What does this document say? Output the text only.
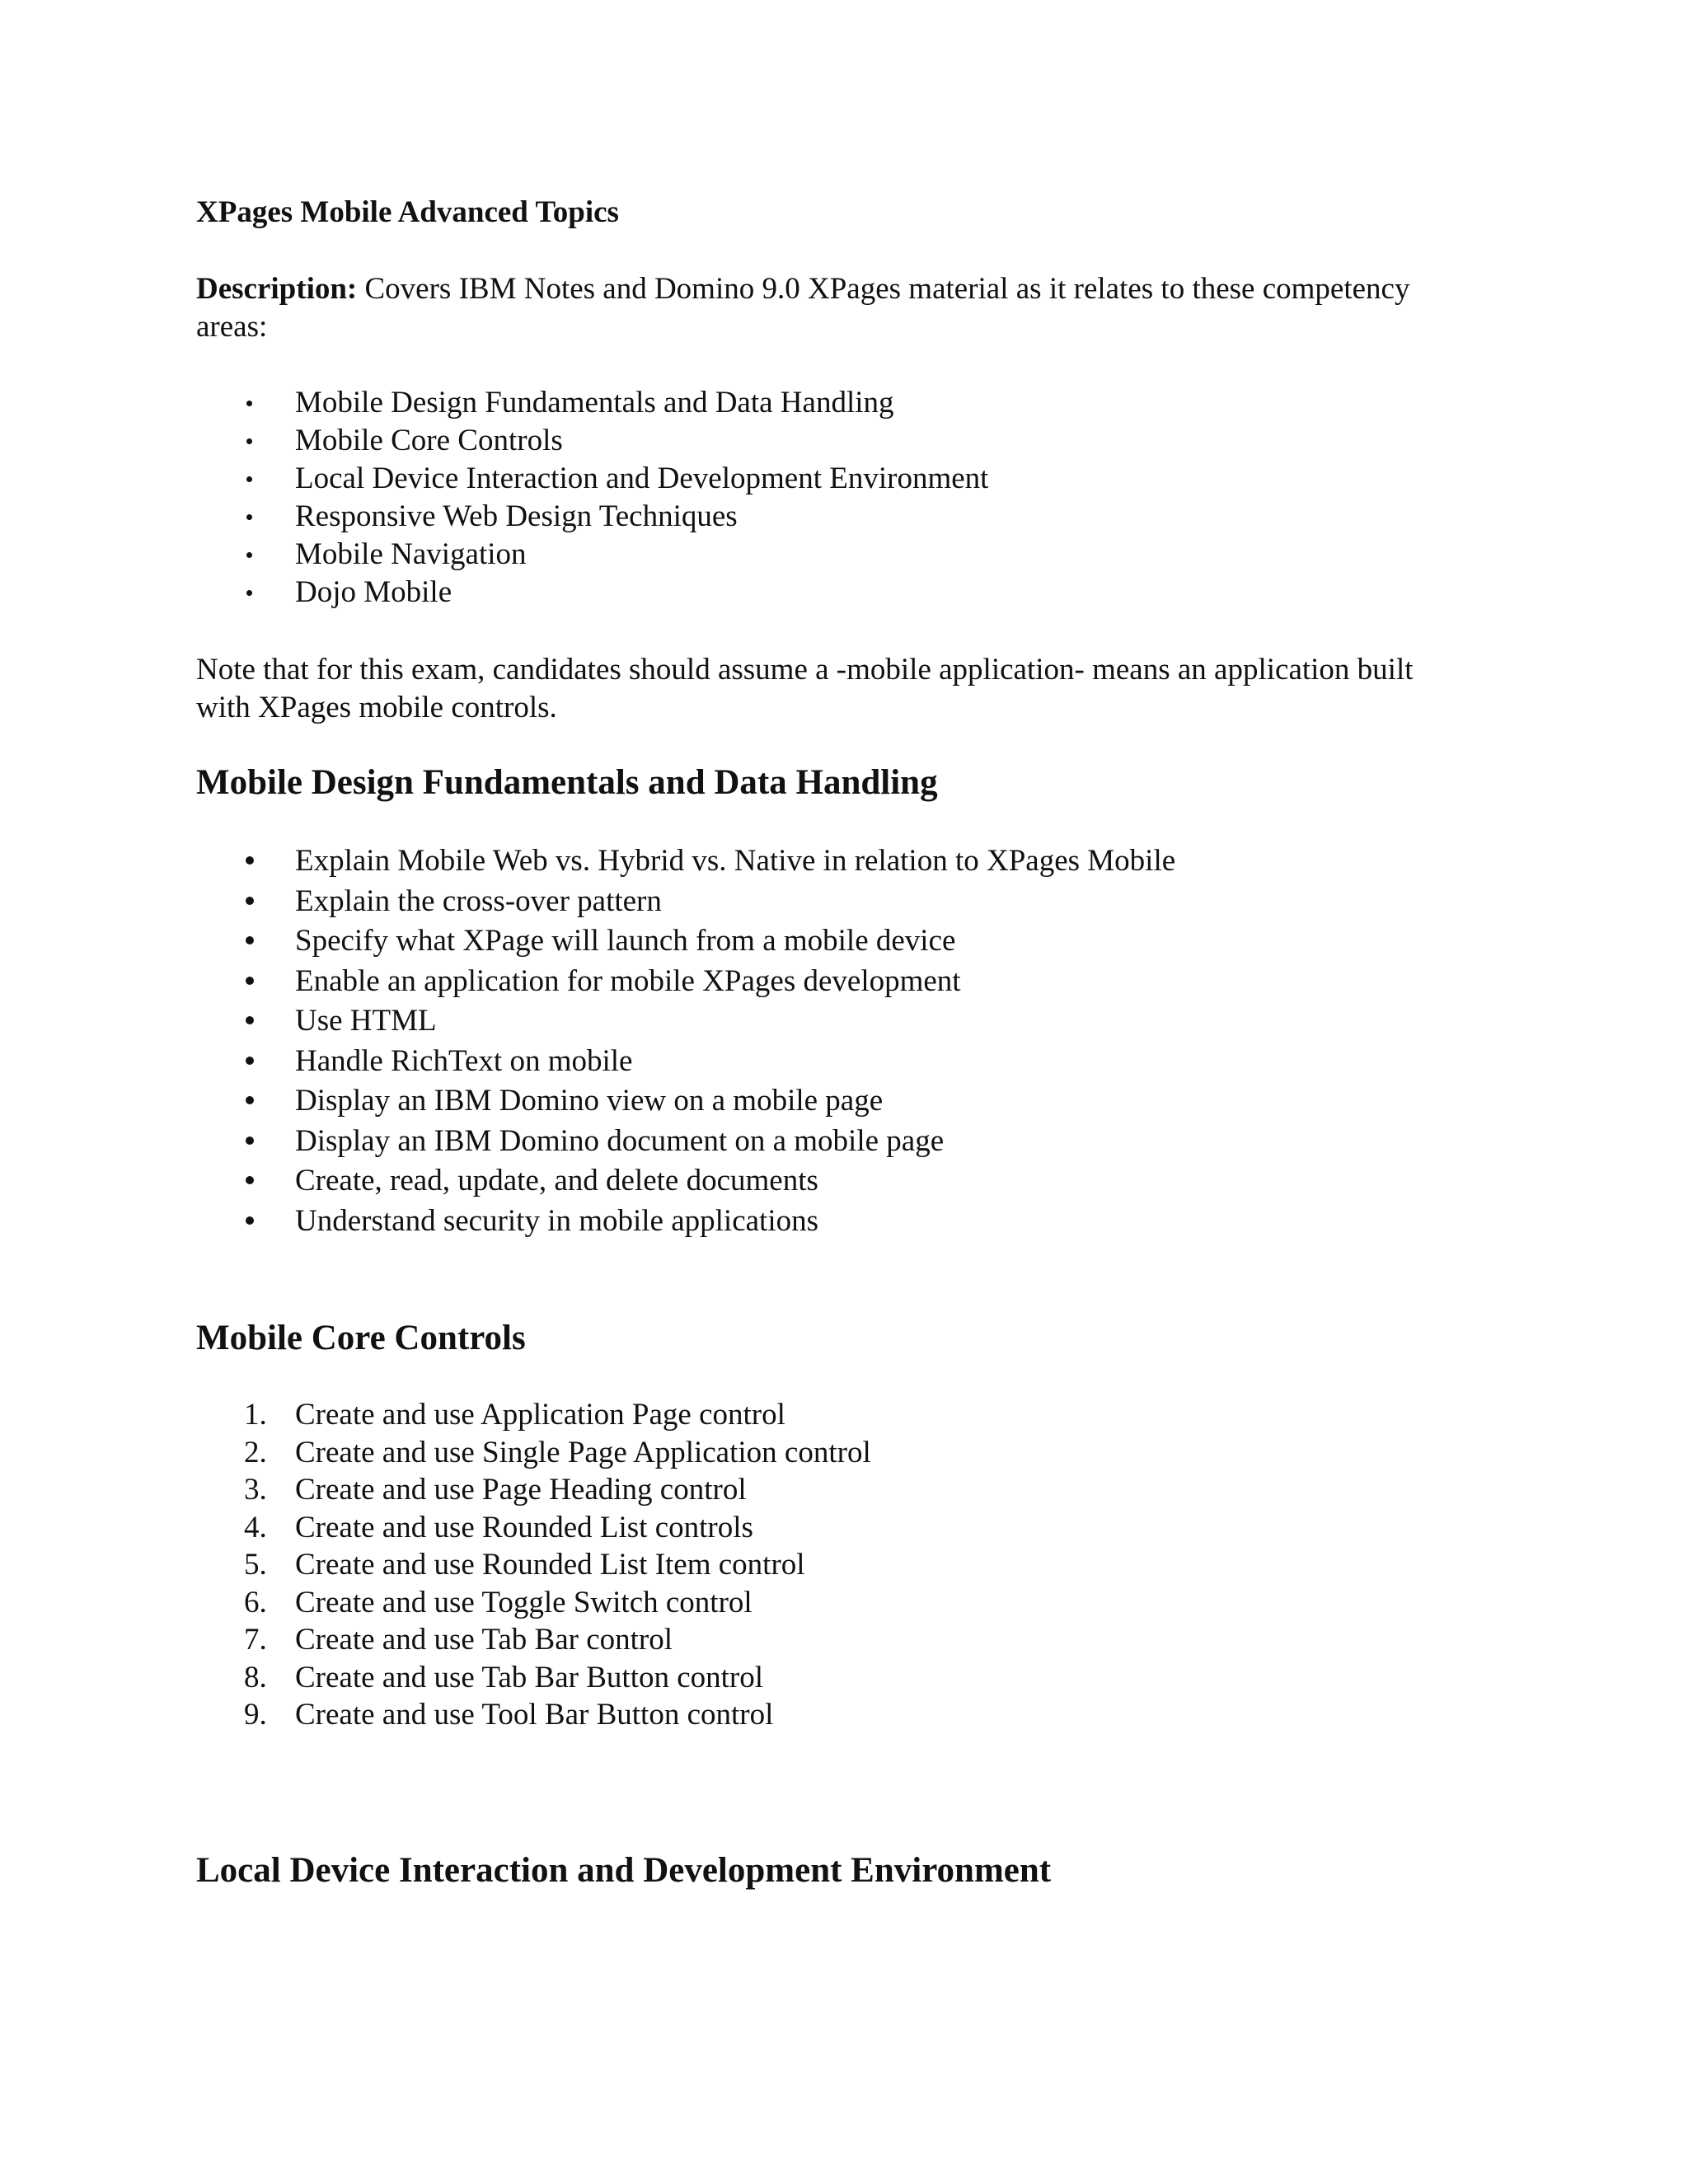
XPages Mobile Advanced Topics

Description: Covers IBM Notes and Domino 9.0 XPages material as it relates to these competency areas:

Mobile Design Fundamentals and Data Handling
Mobile Core Controls
Local Device Interaction and Development Environment
Responsive Web Design Techniques
Mobile Navigation
Dojo Mobile

Note that for this exam, candidates should assume a -mobile application- means an application built with XPages mobile controls.

Mobile Design Fundamentals and Data Handling
Explain Mobile Web vs. Hybrid vs. Native in relation to XPages Mobile
Explain the cross-over pattern
Specify what XPage will launch from a mobile device
Enable an application for mobile XPages development
Use HTML
Handle RichText on mobile
Display an IBM Domino view on a mobile page
Display an IBM Domino document on a mobile page
Create, read, update, and delete documents
Understand security in mobile applications
Mobile Core Controls
1. Create and use Application Page control
2. Create and use Single Page Application control
3. Create and use Page Heading control
4. Create and use Rounded List controls
5. Create and use Rounded List Item control
6. Create and use Toggle Switch control
7. Create and use Tab Bar control
8. Create and use Tab Bar Button control
9. Create and use Tool Bar Button control
Local Device Interaction and Development Environment
